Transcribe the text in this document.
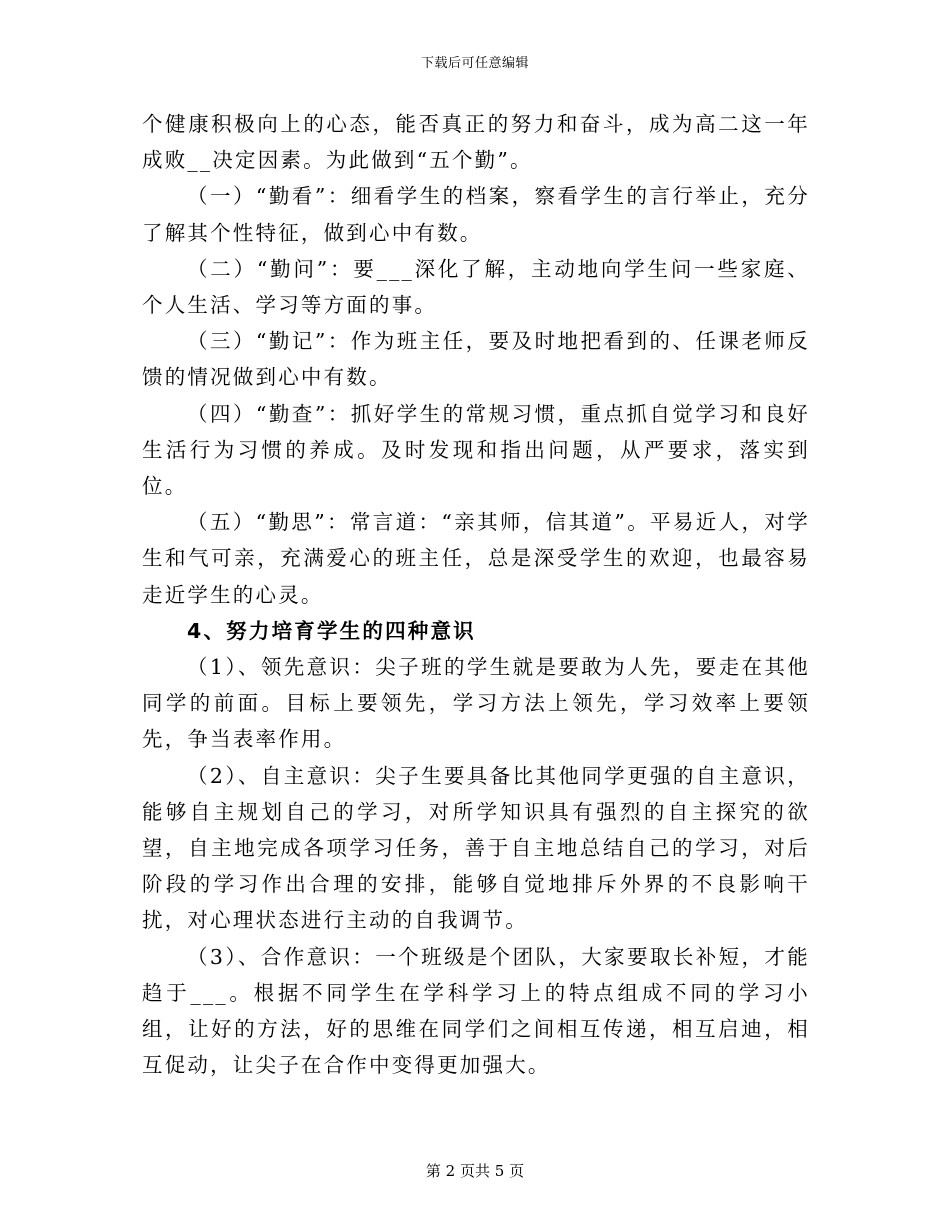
下载后可任意编辑

个健康积极向上的心态，能否真正的努力和奋斗，成为高二这一年成败__决定因素。为此做到“五个勤”。

（一）“勤看”：细看学生的档案，察看学生的言行举止，充分了解其个性特征，做到心中有数。

（二）“勤问”：要___深化了解，主动地向学生问一些家庭、个人生活、学习等方面的事。

（三）“勤记”：作为班主任，要及时地把看到的、任课老师反馈的情况做到心中有数。

（四）“勤查”：抓好学生的常规习惯，重点抓自觉学习和良好生活行为习惯的养成。及时发现和指出问题，从严要求，落实到位。

（五）“勤思”：常言道：“亲其师，信其道”。平易近人，对学生和气可亲，充满爱心的班主任，总是深受学生的欢迎，也最容易走近学生的心灵。

4、努力培育学生的四种意识

（1）、领先意识：尖子班的学生就是要敢为人先，要走在其他同学的前面。目标上要领先，学习方法上领先，学习效率上要领先，争当表率作用。

（2）、自主意识：尖子生要具备比其他同学更强的自主意识，能够自主规划自己的学习，对所学知识具有强烈的自主探究的欲望，自主地完成各项学习任务，善于自主地总结自己的学习，对后阶段的学习作出合理的安排，能够自觉地排斥外界的不良影响干扰，对心理状态进行主动的自我调节。

（3）、合作意识：一个班级是个团队，大家要取长补短，才能趋于___。根据不同学生在学科学习上的特点组成不同的学习小组，让好的方法，好的思维在同学们之间相互传递，相互启迪，相互促动，让尖子在合作中变得更加强大。

第 2 页共 5 页
